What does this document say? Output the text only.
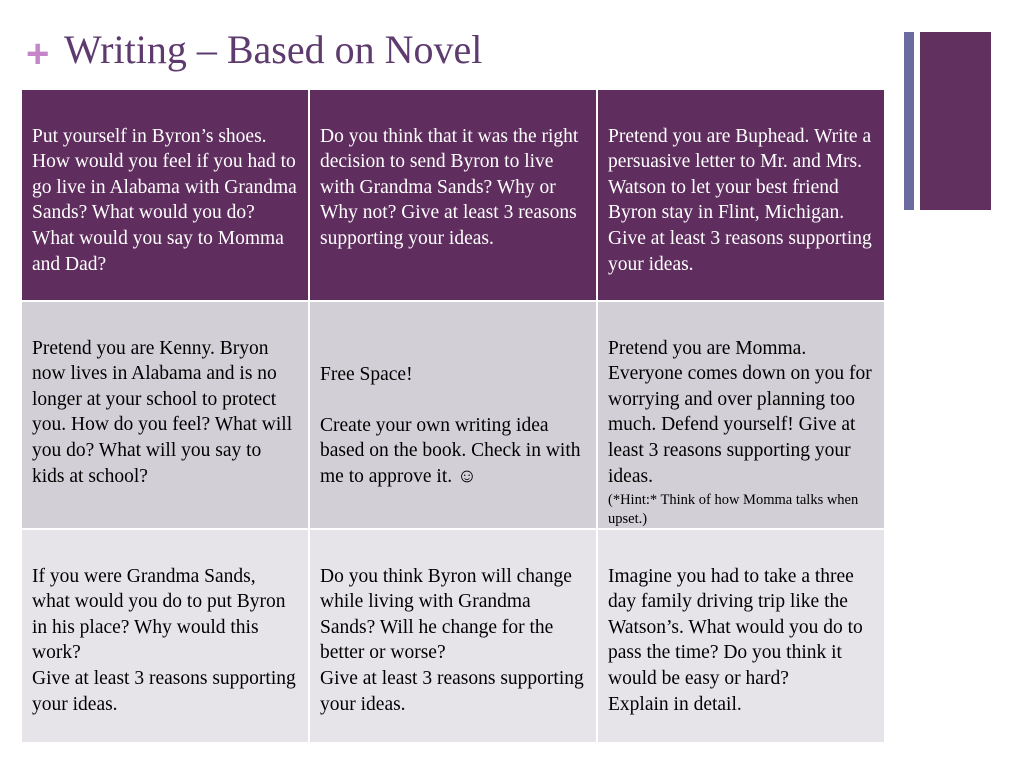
+ Writing – Based on Novel

Put yourself in Byron’s shoes. How would you feel if you had to go live in Alabama with Grandma Sands? What would you do? What would you say to Momma and Dad?

Do you think that it was the right decision to send Byron to live with Grandma Sands? Why or Why not? Give at least 3 reasons supporting your ideas.

Pretend you are Buphead. Write a persuasive letter to Mr. and Mrs. Watson to let your best friend Byron stay in Flint, Michigan.
Give at least 3 reasons supporting your ideas.

Pretend you are Kenny. Bryon now lives in Alabama and is no longer at your school to protect you. How do you feel? What will you do? What will you say to kids at school?

Free Space!

Create your own writing idea based on the book. Check in with me to approve it. ☺

Pretend you are Momma. Everyone comes down on you for worrying and over planning too much. Defend yourself! Give at least 3 reasons supporting your ideas.

(*Hint:* Think of how Momma talks when upset.)

If you were Grandma Sands, what would you do to put Byron in his place? Why would this work?
Give at least 3 reasons supporting your ideas.

Do you think Byron will change while living with Grandma Sands? Will he change for the better or worse?
Give at least 3 reasons supporting your ideas.

Imagine you had to take a three day family driving trip like the Watson’s. What would you do to pass the time? Do you think it would be easy or hard?
Explain in detail.
